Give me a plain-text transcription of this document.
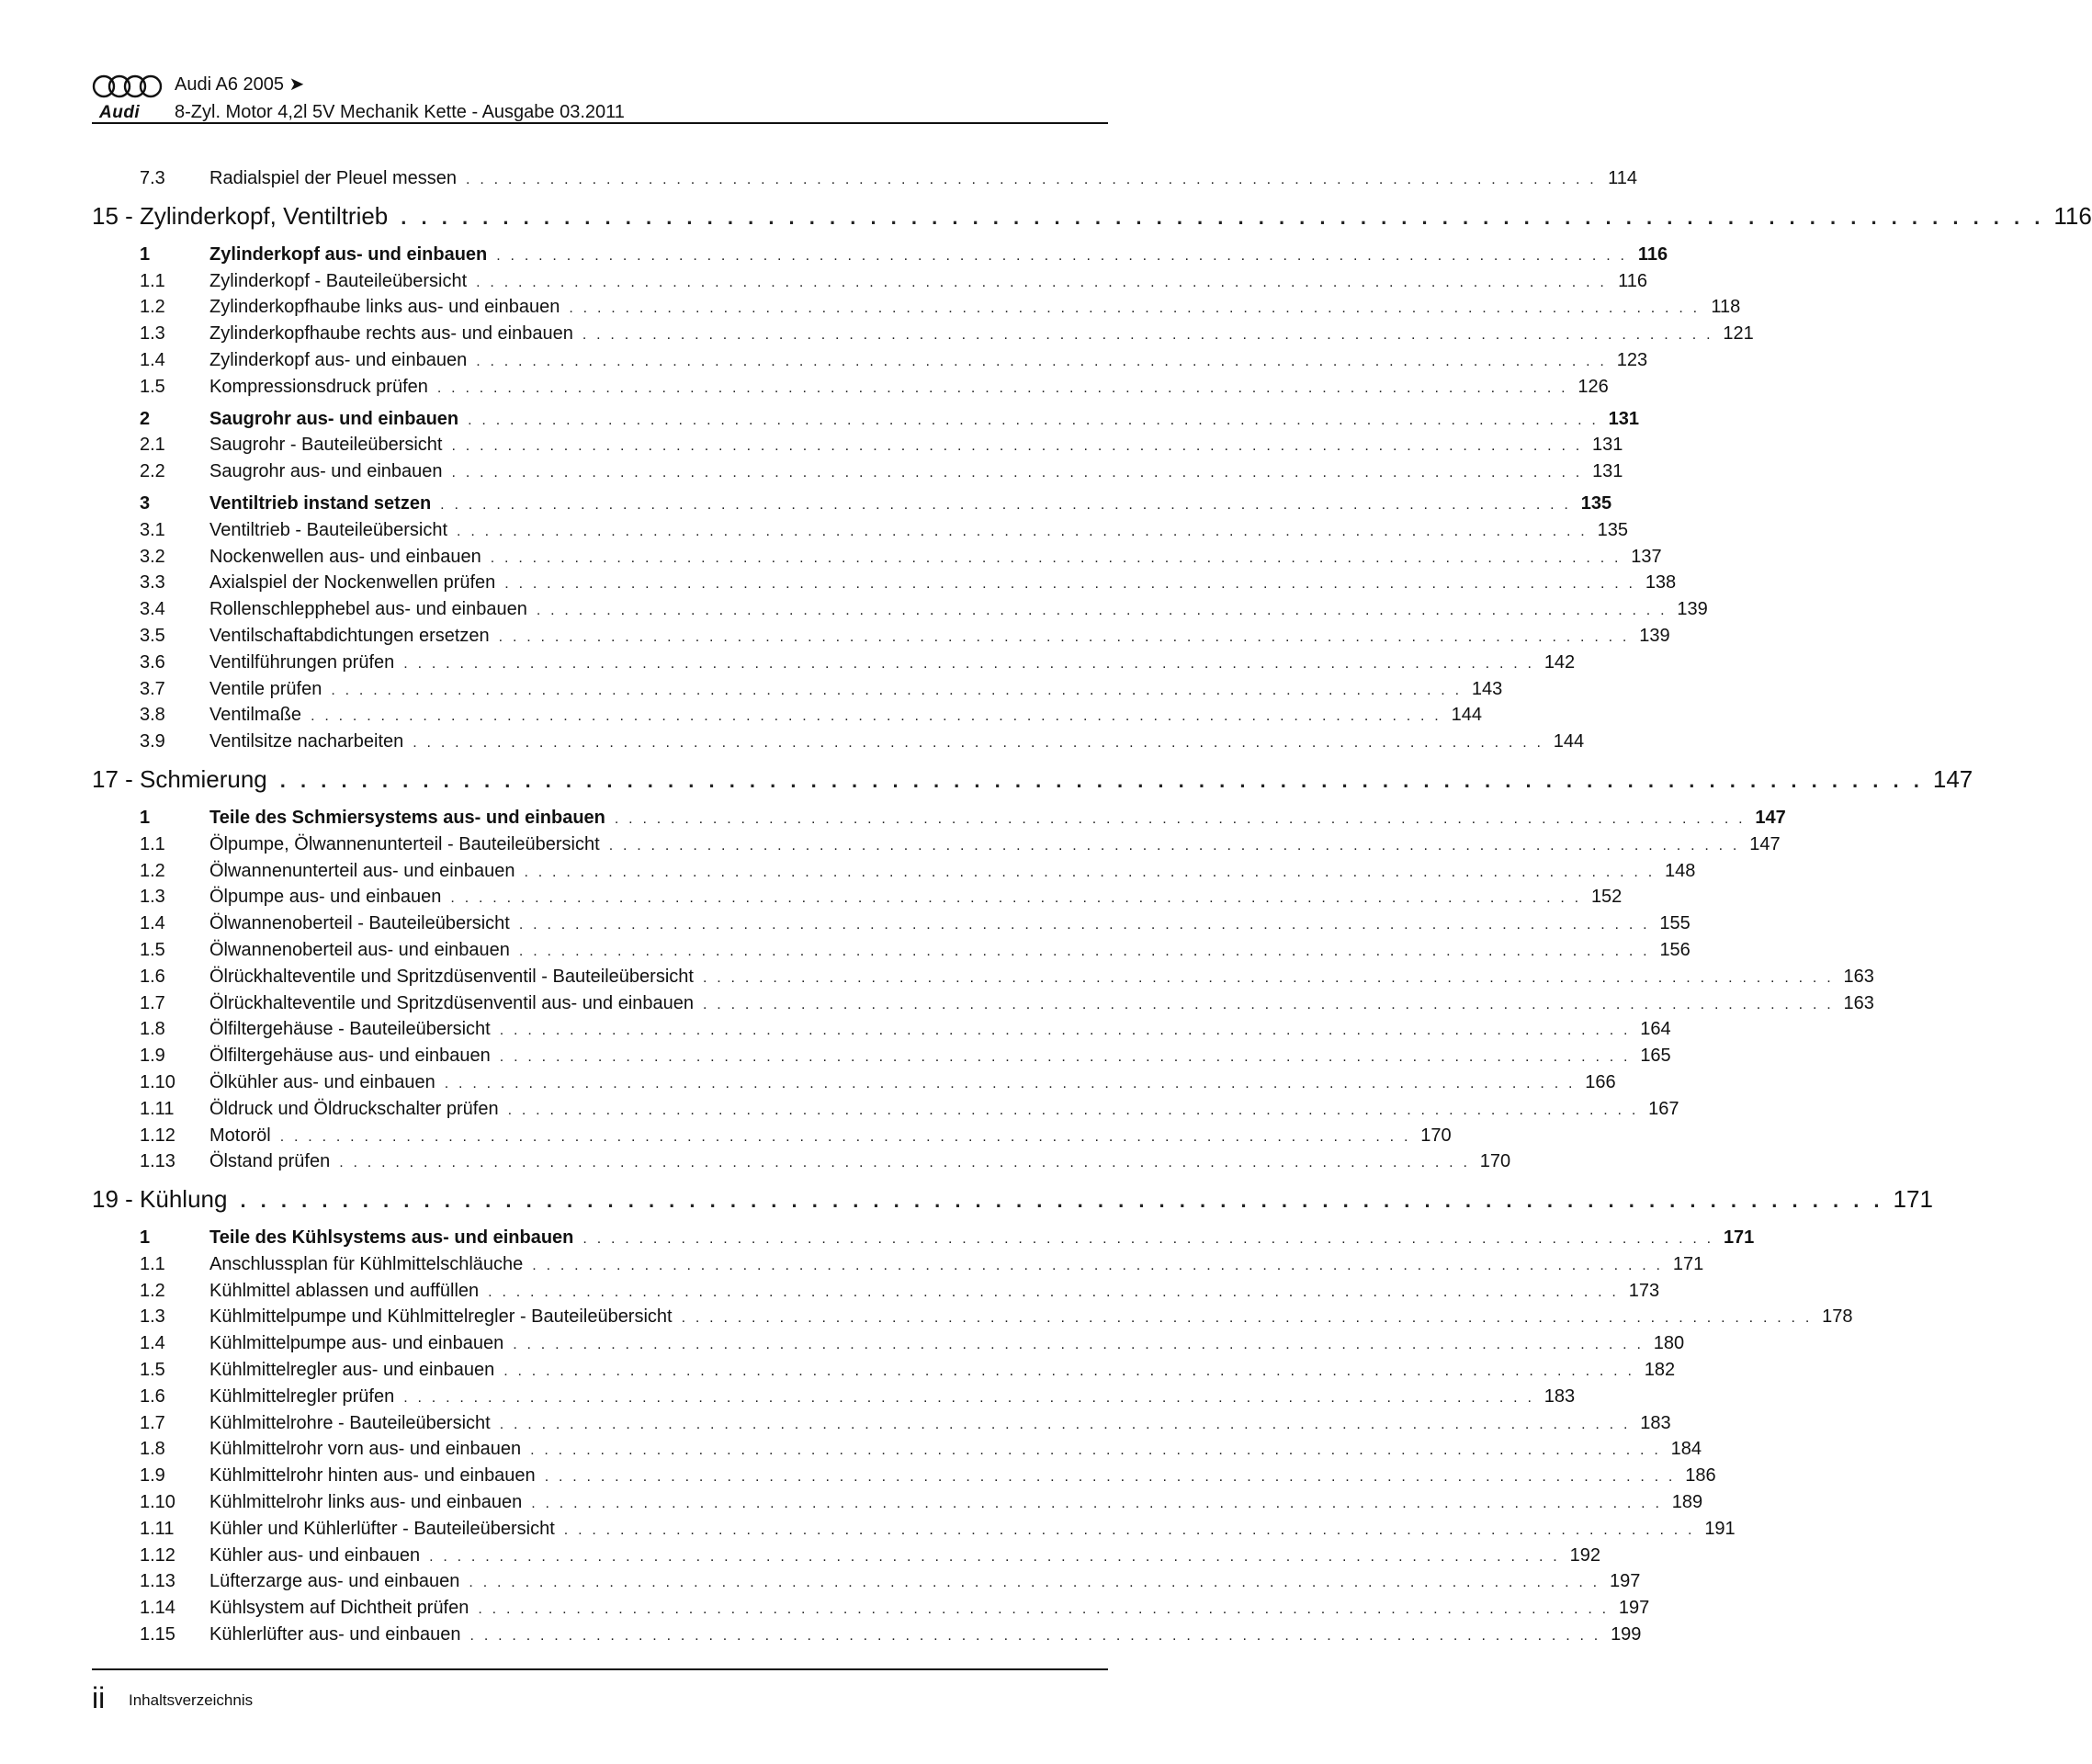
Audi
Audi A6 2005 ➤
8-Zyl. Motor 4,2l 5V Mechanik Kette - Ausgabe 03.2011
7.3	Radialspiel der Pleuel messen . . . . . . . . . . . . . . . . . . . . . . . . . . . . . . . . . . . . . . . . . . . . . . . . . . . . . . . . . . . . . . . . . . . . . . . . . . . . . . . . . 114
15 - Zylinderkopf, Ventiltrieb . . . . . . . . . . . . . . . . . . . . . . . . . . . . . . . . . . . . . . . . . . . . . . . . . . . . . . . . . . . . . . . . . . . . . . . . . . . . . . . . . 116
1	Zylinderkopf aus- und einbauen . . . . . . . . . . . . . . . . . . . . . . . . . . . . . . . . . . . . . . . . . . . . . . . . . . . . . . . . . . . . . . . . . . . . . . . . . . . . . . . . . 116
1.1	Zylinderkopf - Bauteileübersicht . . . . . . . . . . . . . . . . . . . . . . . . . . . . . . . . . . . . . . . . . . . . . . . . . . . . . . . . . . . . . . . . . . . . . . . . . . . . . . . . . 116
1.2	Zylinderkopfhaube links aus- und einbauen . . . . . . . . . . . . . . . . . . . . . . . . . . . . . . . . . . . . . . . . . . . . . . . . . . . . . . . . . . . . . . . . . . . . . . . . . . . . . . . . . 118
1.3	Zylinderkopfhaube rechts aus- und einbauen . . . . . . . . . . . . . . . . . . . . . . . . . . . . . . . . . . . . . . . . . . . . . . . . . . . . . . . . . . . . . . . . . . . . . . . . . . . . . . . . . 121
1.4	Zylinderkopf aus- und einbauen . . . . . . . . . . . . . . . . . . . . . . . . . . . . . . . . . . . . . . . . . . . . . . . . . . . . . . . . . . . . . . . . . . . . . . . . . . . . . . . . . 123
1.5	Kompressionsdruck prüfen . . . . . . . . . . . . . . . . . . . . . . . . . . . . . . . . . . . . . . . . . . . . . . . . . . . . . . . . . . . . . . . . . . . . . . . . . . . . . . . . . 126
2	Saugrohr aus- und einbauen . . . . . . . . . . . . . . . . . . . . . . . . . . . . . . . . . . . . . . . . . . . . . . . . . . . . . . . . . . . . . . . . . . . . . . . . . . . . . . . . . 131
2.1	Saugrohr - Bauteileübersicht . . . . . . . . . . . . . . . . . . . . . . . . . . . . . . . . . . . . . . . . . . . . . . . . . . . . . . . . . . . . . . . . . . . . . . . . . . . . . . . . . 131
2.2	Saugrohr aus- und einbauen . . . . . . . . . . . . . . . . . . . . . . . . . . . . . . . . . . . . . . . . . . . . . . . . . . . . . . . . . . . . . . . . . . . . . . . . . . . . . . . . . 131
3	Ventiltrieb instand setzen . . . . . . . . . . . . . . . . . . . . . . . . . . . . . . . . . . . . . . . . . . . . . . . . . . . . . . . . . . . . . . . . . . . . . . . . . . . . . . . . . 135
3.1	Ventiltrieb - Bauteileübersicht . . . . . . . . . . . . . . . . . . . . . . . . . . . . . . . . . . . . . . . . . . . . . . . . . . . . . . . . . . . . . . . . . . . . . . . . . . . . . . . . . 135
3.2	Nockenwellen aus- und einbauen . . . . . . . . . . . . . . . . . . . . . . . . . . . . . . . . . . . . . . . . . . . . . . . . . . . . . . . . . . . . . . . . . . . . . . . . . . . . . . . . . 137
3.3	Axialspiel der Nockenwellen prüfen . . . . . . . . . . . . . . . . . . . . . . . . . . . . . . . . . . . . . . . . . . . . . . . . . . . . . . . . . . . . . . . . . . . . . . . . . . . . . . . . . 138
3.4	Rollenschlepphebel aus- und einbauen . . . . . . . . . . . . . . . . . . . . . . . . . . . . . . . . . . . . . . . . . . . . . . . . . . . . . . . . . . . . . . . . . . . . . . . . . . . . . . . . . 139
3.5	Ventilschaftabdichtungen ersetzen . . . . . . . . . . . . . . . . . . . . . . . . . . . . . . . . . . . . . . . . . . . . . . . . . . . . . . . . . . . . . . . . . . . . . . . . . . . . . . . . . 139
3.6	Ventilführungen prüfen . . . . . . . . . . . . . . . . . . . . . . . . . . . . . . . . . . . . . . . . . . . . . . . . . . . . . . . . . . . . . . . . . . . . . . . . . . . . . . . . . 142
3.7	Ventile prüfen . . . . . . . . . . . . . . . . . . . . . . . . . . . . . . . . . . . . . . . . . . . . . . . . . . . . . . . . . . . . . . . . . . . . . . . . . . . . . . . . . 143
3.8	Ventilmaße . . . . . . . . . . . . . . . . . . . . . . . . . . . . . . . . . . . . . . . . . . . . . . . . . . . . . . . . . . . . . . . . . . . . . . . . . . . . . . . . . 144
3.9	Ventilsitze nacharbeiten . . . . . . . . . . . . . . . . . . . . . . . . . . . . . . . . . . . . . . . . . . . . . . . . . . . . . . . . . . . . . . . . . . . . . . . . . . . . . . . . . 144
17 - Schmierung . . . . . . . . . . . . . . . . . . . . . . . . . . . . . . . . . . . . . . . . . . . . . . . . . . . . . . . . . . . . . . . . . . . . . . . . . . . . . . . . . 147
1	Teile des Schmiersystems aus- und einbauen . . . . . . . . . . . . . . . . . . . . . . . . . . . . . . . . . . . . . . . . . . . . . . . . . . . . . . . . . . . . . . . . . . . . . . . . . . . . . . . . . 147
1.1	Ölpumpe, Ölwannenunterteil - Bauteileübersicht . . . . . . . . . . . . . . . . . . . . . . . . . . . . . . . . . . . . . . . . . . . . . . . . . . . . . . . . . . . . . . . . . . . . . . . . . . . . . . . . . 147
1.2	Ölwannenunterteil aus- und einbauen . . . . . . . . . . . . . . . . . . . . . . . . . . . . . . . . . . . . . . . . . . . . . . . . . . . . . . . . . . . . . . . . . . . . . . . . . . . . . . . . . 148
1.3	Ölpumpe aus- und einbauen . . . . . . . . . . . . . . . . . . . . . . . . . . . . . . . . . . . . . . . . . . . . . . . . . . . . . . . . . . . . . . . . . . . . . . . . . . . . . . . . . 152
1.4	Ölwannenoberteil - Bauteileübersicht . . . . . . . . . . . . . . . . . . . . . . . . . . . . . . . . . . . . . . . . . . . . . . . . . . . . . . . . . . . . . . . . . . . . . . . . . . . . . . . . . 155
1.5	Ölwannenoberteil aus- und einbauen . . . . . . . . . . . . . . . . . . . . . . . . . . . . . . . . . . . . . . . . . . . . . . . . . . . . . . . . . . . . . . . . . . . . . . . . . . . . . . . . . 156
1.6	Ölrückhalteventile und Spritzdüsenventil - Bauteileübersicht . . . . . . . . . . . . . . . . . . . . . . . . . . . . . . . . . . . . . . . . . . . . . . . . . . . . . . . . . . . . . . . . . . . . . . . . . . . . . . . . . 163
1.7	Ölrückhalteventile und Spritzdüsenventil aus- und einbauen . . . . . . . . . . . . . . . . . . . . . . . . . . . . . . . . . . . . . . . . . . . . . . . . . . . . . . . . . . . . . . . . . . . . . . . . . . . . . . . . . 163
1.8	Ölfiltergehäuse - Bauteileübersicht . . . . . . . . . . . . . . . . . . . . . . . . . . . . . . . . . . . . . . . . . . . . . . . . . . . . . . . . . . . . . . . . . . . . . . . . . . . . . . . . . 164
1.9	Ölfiltergehäuse aus- und einbauen . . . . . . . . . . . . . . . . . . . . . . . . . . . . . . . . . . . . . . . . . . . . . . . . . . . . . . . . . . . . . . . . . . . . . . . . . . . . . . . . . 165
1.10	Ölkühler aus- und einbauen . . . . . . . . . . . . . . . . . . . . . . . . . . . . . . . . . . . . . . . . . . . . . . . . . . . . . . . . . . . . . . . . . . . . . . . . . . . . . . . . . 166
1.11	Öldruck und Öldruckschalter prüfen . . . . . . . . . . . . . . . . . . . . . . . . . . . . . . . . . . . . . . . . . . . . . . . . . . . . . . . . . . . . . . . . . . . . . . . . . . . . . . . . . 167
1.12	Motoröl . . . . . . . . . . . . . . . . . . . . . . . . . . . . . . . . . . . . . . . . . . . . . . . . . . . . . . . . . . . . . . . . . . . . . . . . . . . . . . . . . 170
1.13	Ölstand prüfen . . . . . . . . . . . . . . . . . . . . . . . . . . . . . . . . . . . . . . . . . . . . . . . . . . . . . . . . . . . . . . . . . . . . . . . . . . . . . . . . . 170
19 - Kühlung . . . . . . . . . . . . . . . . . . . . . . . . . . . . . . . . . . . . . . . . . . . . . . . . . . . . . . . . . . . . . . . . . . . . . . . . . . . . . . . . . 171
1	Teile des Kühlsystems aus- und einbauen . . . . . . . . . . . . . . . . . . . . . . . . . . . . . . . . . . . . . . . . . . . . . . . . . . . . . . . . . . . . . . . . . . . . . . . . . . . . . . . . . 171
1.1	Anschlussplan für Kühlmittelschläuche . . . . . . . . . . . . . . . . . . . . . . . . . . . . . . . . . . . . . . . . . . . . . . . . . . . . . . . . . . . . . . . . . . . . . . . . . . . . . . . . . 171
1.2	Kühlmittel ablassen und auffüllen . . . . . . . . . . . . . . . . . . . . . . . . . . . . . . . . . . . . . . . . . . . . . . . . . . . . . . . . . . . . . . . . . . . . . . . . . . . . . . . . . 173
1.3	Kühlmittelpumpe und Kühlmittelregler - Bauteileübersicht . . . . . . . . . . . . . . . . . . . . . . . . . . . . . . . . . . . . . . . . . . . . . . . . . . . . . . . . . . . . . . . . . . . . . . . . . . . . . . . . . 178
1.4	Kühlmittelpumpe aus- und einbauen . . . . . . . . . . . . . . . . . . . . . . . . . . . . . . . . . . . . . . . . . . . . . . . . . . . . . . . . . . . . . . . . . . . . . . . . . . . . . . . . . 180
1.5	Kühlmittelregler aus- und einbauen . . . . . . . . . . . . . . . . . . . . . . . . . . . . . . . . . . . . . . . . . . . . . . . . . . . . . . . . . . . . . . . . . . . . . . . . . . . . . . . . . 182
1.6	Kühlmittelregler prüfen . . . . . . . . . . . . . . . . . . . . . . . . . . . . . . . . . . . . . . . . . . . . . . . . . . . . . . . . . . . . . . . . . . . . . . . . . . . . . . . . . 183
1.7	Kühlmittelrohre - Bauteileübersicht . . . . . . . . . . . . . . . . . . . . . . . . . . . . . . . . . . . . . . . . . . . . . . . . . . . . . . . . . . . . . . . . . . . . . . . . . . . . . . . . . 183
1.8	Kühlmittelrohr vorn aus- und einbauen . . . . . . . . . . . . . . . . . . . . . . . . . . . . . . . . . . . . . . . . . . . . . . . . . . . . . . . . . . . . . . . . . . . . . . . . . . . . . . . . . 184
1.9	Kühlmittelrohr hinten aus- und einbauen . . . . . . . . . . . . . . . . . . . . . . . . . . . . . . . . . . . . . . . . . . . . . . . . . . . . . . . . . . . . . . . . . . . . . . . . . . . . . . . . . 186
1.10	Kühlmittelrohr links aus- und einbauen . . . . . . . . . . . . . . . . . . . . . . . . . . . . . . . . . . . . . . . . . . . . . . . . . . . . . . . . . . . . . . . . . . . . . . . . . . . . . . . . . 189
1.11	Kühler und Kühlerlüfter - Bauteileübersicht . . . . . . . . . . . . . . . . . . . . . . . . . . . . . . . . . . . . . . . . . . . . . . . . . . . . . . . . . . . . . . . . . . . . . . . . . . . . . . . . . 191
1.12	Kühler aus- und einbauen . . . . . . . . . . . . . . . . . . . . . . . . . . . . . . . . . . . . . . . . . . . . . . . . . . . . . . . . . . . . . . . . . . . . . . . . . . . . . . . . . 192
1.13	Lüfterzarge aus- und einbauen . . . . . . . . . . . . . . . . . . . . . . . . . . . . . . . . . . . . . . . . . . . . . . . . . . . . . . . . . . . . . . . . . . . . . . . . . . . . . . . . . 197
1.14	Kühlsystem auf Dichtheit prüfen . . . . . . . . . . . . . . . . . . . . . . . . . . . . . . . . . . . . . . . . . . . . . . . . . . . . . . . . . . . . . . . . . . . . . . . . . . . . . . . . . 197
1.15	Kühlerlüfter aus- und einbauen . . . . . . . . . . . . . . . . . . . . . . . . . . . . . . . . . . . . . . . . . . . . . . . . . . . . . . . . . . . . . . . . . . . . . . . . . . . . . . . . . 199
ii Inhaltsverzeichnis
